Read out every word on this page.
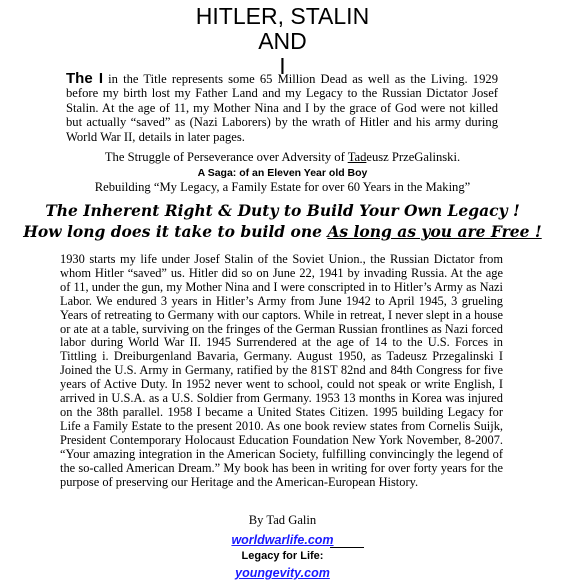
HITLER, STALIN
AND
I
The I in the Title represents some 65 Million Dead as well as the Living. 1929 before my birth lost my Father Land and my Legacy to the Russian Dictator Josef Stalin. At the age of 11, my Mother Nina and I by the grace of God were not killed but actually “saved” as (Nazi Laborers) by the wrath of Hitler and his army during World War II, details in later pages.
The Struggle of Perseverance over Adversity of Tadeusz PrzeGalinski.
A Saga: of an Eleven Year old Boy
Rebuilding “My Legacy, a Family Estate for over 60 Years in the Making”
The Inherent Right & Duty to Build Your Own Legacy !
How long does it take to build one As long as you are Free !
1930 starts my life under Josef Stalin of the Soviet Union., the Russian Dictator from whom Hitler “saved” us. Hitler did so on June 22, 1941 by invading Russia. At the age of 11, under the gun, my Mother Nina and I were conscripted in to Hitler’s Army as Nazi Labor. We endured 3 years in Hitler’s Army from June 1942 to April 1945, 3 grueling Years of retreating to Germany with our captors. While in retreat, I never slept in a house or ate at a table, surviving on the fringes of the German Russian frontlines as Nazi forced labor during World War II. 1945 Surrendered at the age of 14 to the U.S. Forces in Tittling i. Dreiburgenland Bavaria, Germany. August 1950, as Tadeusz Przegalinski I Joined the U.S. Army in Germany, ratified by the 81ST 82nd and 84th Congress for five years of Active Duty. In 1952 never went to school, could not speak or write English, I arrived in U.S.A. as a U.S. Soldier from Germany. 1953 13 months in Korea was injured on the 38th parallel. 1958 I became a United States Citizen. 1995 building Legacy for Life a Family Estate to the present 2010. As one book review states from Cornelis Suijk, President Contemporary Holocaust Education Foundation New York November, 8-2007. “Your amazing integration in the American Society, fulfilling convincingly the legend of the so-called American Dream.” My book has been in writing for over forty years for the purpose of preserving our Heritage and the American-European History.
By Tad Galin
worldwarlife.com
Legacy for Life:
youngevity.com
